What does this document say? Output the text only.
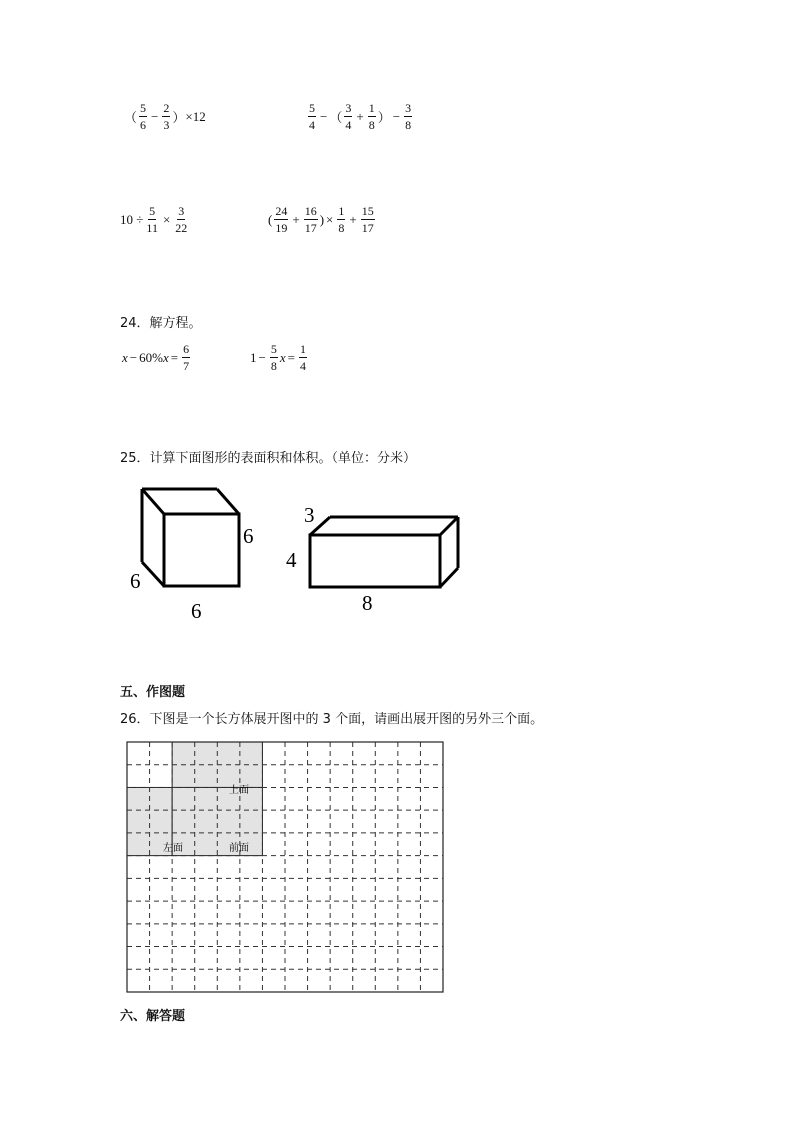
（ $\frac{5}{6} - \frac{2}{3}$ ） ×12	$\frac{5}{4}$ − （ $\frac{3}{4} + \frac{1}{8}$ ） − $\frac{3}{8}$
$10 \div \frac{5}{11} \times \frac{3}{22}$	( $\frac{24}{19} + \frac{16}{17}$ ) × $\frac{1}{8} + \frac{15}{17}$
24．解方程。
x − 60% $x = \frac{6}{7}$	$1 - \frac{5}{8}$ $x = \frac{1}{4}$
25．计算下面图形的表面积和体积。（单位：分米）
6
6
6
3
4
8
五、作图题
26．下图是一个长方体展开图中的 3 个面，请画出展开图的另外三个面。
上面
左面	前面
六、解答题
